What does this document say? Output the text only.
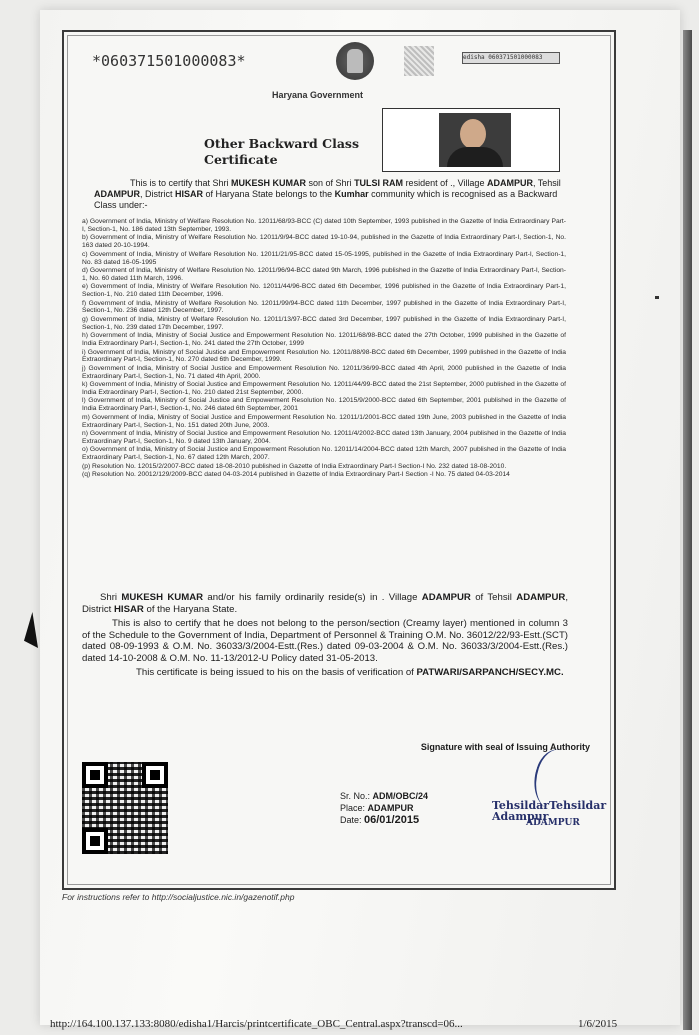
*060371501000083*	edisha 060371501000083
Haryana Government
Other Backward Class
Certificate
This is to certify that Shri MUKESH KUMAR son of Shri TULSI RAM resident of ., Village ADAMPUR, Tehsil ADAMPUR, District HISAR of Haryana State belongs to the Kumhar community which is recognised as a Backward Class under:-

a) Government of India, Ministry of Welfare Resolution No. 12011/68/93-BCC (C) dated 10th September, 1993 published in the Gazette of India Extraordinary Part-I, Section-1, No. 186 dated 13th September, 1993.

b) Government of India, Ministry of Welfare Resolution No. 12011/9/94-BCC dated 19-10-94, published in the Gazette of India Extraordinary Part-I, Section-1, No. 163 dated 20-10-1994.

c) Government of India, Ministry of Welfare Resolution No. 12011/21/95-BCC dated 15-05-1995, published in the Gazette of India Extraordinary Part-I, Section-1, No. 83 dated 16-05-1995

d) Government of India, Ministry of Welfare Resolution No. 12011/96/94-BCC dated 9th March, 1996 published in the Gazette of India Extraordinary Part-I, Section-1, No. 60 dated 11th March, 1996.

e) Government of India, Ministry of Welfare Resolution No. 12011/44/96-BCC dated 6th December, 1996 published in the Gazette of India Extraordinary Part-1, Section-1, No. 210 dated 11th December, 1996.

f) Government of India, Ministry of Welfare Resolution No. 12011/99/94-BCC dated 11th December, 1997 published in the Gazette of India Extraordinary Part-I, Section-1, No. 236 dated 12th December, 1997.

g) Government of India, Ministry of Welfare Resolution No. 12011/13/97-BCC dated 3rd December, 1997 published in the Gazette of India Extraordinary Part-I, Section-1, No. 239 dated 17th December, 1997.

h) Government of India, Ministry of Social Justice and Empowerment Resolution No. 12011/68/98-BCC dated the 27th October, 1999 published in the Gazette of India Extraordinary Part-I, Section-1, No. 241 dated the 27th October, 1999

i) Government of India, Ministry of Social Justice and Empowerment Resolution No. 12011/88/98-BCC dated 6th December, 1999 published in the Gazette of India Extraordinary Part-I, Section-1, No. 270 dated 6th December, 1999.

j) Government of India, Ministry of Social Justice and Empowerment Resolution No. 12011/36/99-BCC dated 4th April, 2000 published in the Gazette of India Extraordinary Part-I, Section-1, No. 71 dated 4th April, 2000.

k) Government of India, Ministry of Social Justice and Empowerment Resolution No. 12011/44/99-BCC dated the 21st September, 2000 published in the Gazette of India Extraordinary Part-I, Section-1, No. 210 dated 21st September, 2000.

l) Government of India, Ministry of Social Justice and Empowerment Resolution No. 12015/9/2000-BCC dated 6th September, 2001 published in the Gazette of India Extraordinary Part-I, Section-1, No. 246 dated 6th September, 2001

m) Government of India, Ministry of Social Justice and Empowerment Resolution No. 12011/1/2001-BCC dated 19th June, 2003 published in the Gazette of India Extraordinary Part-I, Section-1, No. 151 dated 20th June, 2003.

n) Government of India, Ministry of Social Justice and Empowerment Resolution No. 12011/4/2002-BCC dated 13th January, 2004 published in the Gazette of India Extraordinary Part-I, Section-1, No. 9 dated 13th January, 2004.

o) Government of India, Ministry of Social Justice and Empowerment Resolution No. 12011/14/2004-BCC dated 12th March, 2007 published in the Gazette of India Extraordinary Part-I, Section-1, No. 67 dated 12th March, 2007.

(p) Resolution No. 12015/2/2007-BCC dated 18-08-2010 published in Gazette of India Extraordinary Part-I Section-I No. 232 dated 18-08-2010.

(q) Resolution No. 20012/129/2009-BCC dated 04-03-2014 published in Gazette of India Extraordinary Part-I Section -I No. 75 dated 04-03-2014

Shri MUKESH KUMAR and/or his family ordinarily reside(s) in . Village ADAMPUR of Tehsil ADAMPUR, District HISAR of the Haryana State.

This is also to certify that he does not belong to the person/section (Creamy layer) mentioned in column 3 of the Schedule to the Government of India, Department of Personnel & Training O.M. No. 36012/22/93-Estt.(SCT) dated 08-09-1993 & O.M. No. 36033/3/2004-Estt.(Res.) dated 09-03-2004 & O.M. No. 36033/3/2004-Estt.(Res.) dated 14-10-2008 & O.M. No. 11-13/2012-U Policy dated 31-05-2013.

This certificate is being issued to his on the basis of verification of PATWARI/SARPANCH/SECY.MC.

Signature with seal of Issuing Authority
Sr. No.: ADM/OBC/24
Place: ADAMPUR
Date: 06/01/2015
TehsildarTehsildar Adampur
ADAMPUR
For instructions refer to http://socialjustice.nic.in/gazenotif.php
http://164.100.137.133:8080/edisha1/Harcis/printcertificate_OBC_Central.aspx?transcd=06...	1/6/2015
